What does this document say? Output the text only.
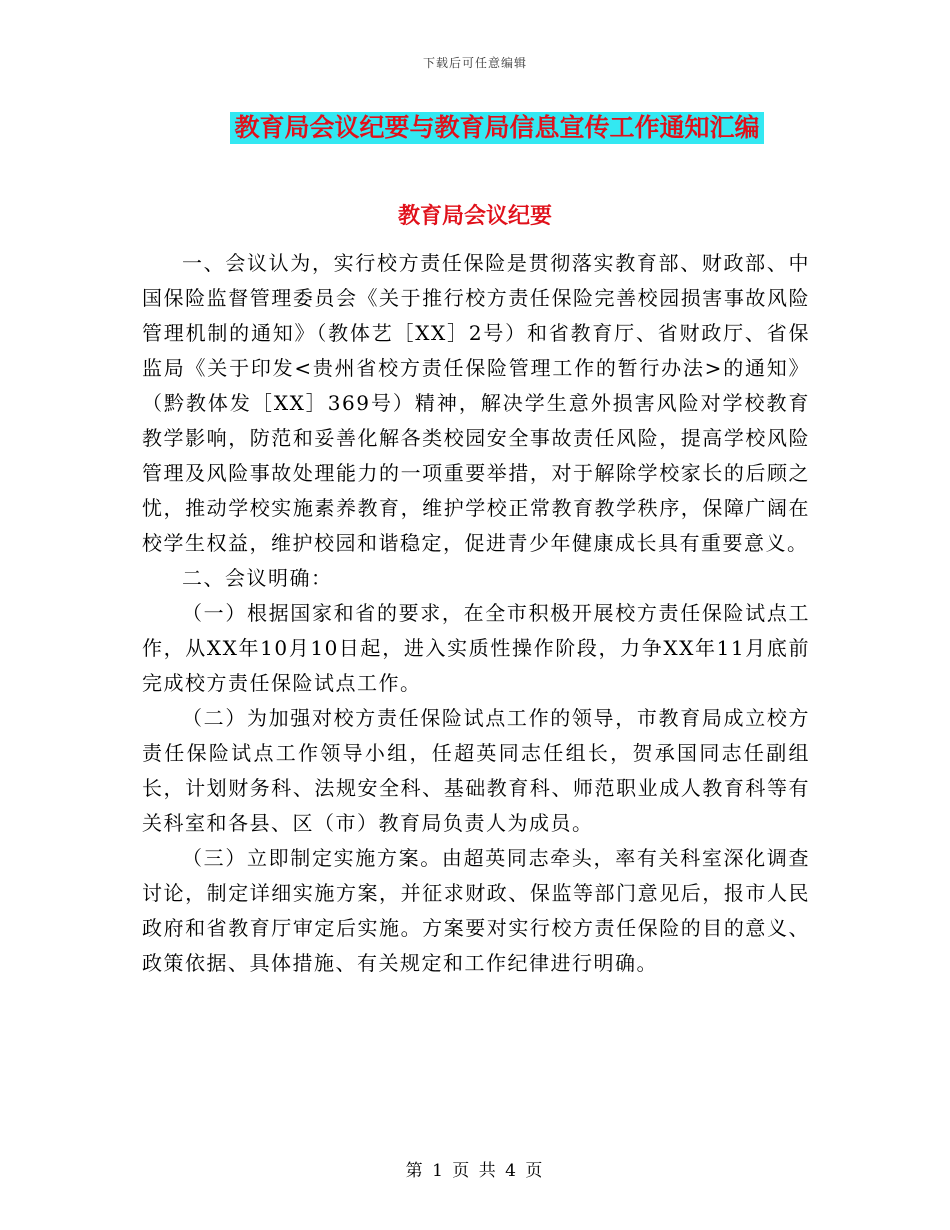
下载后可任意编辑
教育局会议纪要与教育局信息宣传工作通知汇编
教育局会议纪要

一、会议认为，实行校方责任保险是贯彻落实教育部、财政部、中国保险监督管理委员会《关于推行校方责任保险完善校园损害事故风险管理机制的通知》（教体艺［XX］2号）和省教育厅、省财政厅、省保监局《关于印发<贵州省校方责任保险管理工作的暂行办法>的通知》（黔教体发［XX］369号）精神，解决学生意外损害风险对学校教育教学影响，防范和妥善化解各类校园安全事故责任风险，提高学校风险管理及风险事故处理能力的一项重要举措，对于解除学校家长的后顾之忧，推动学校实施素养教育，维护学校正常教育教学秩序，保障广阔在校学生权益，维护校园和谐稳定，促进青少年健康成长具有重要意义。

二、会议明确：

（一）根据国家和省的要求，在全市积极开展校方责任保险试点工作，从XX年10月10日起，进入实质性操作阶段，力争XX年11月底前完成校方责任保险试点工作。

（二）为加强对校方责任保险试点工作的领导，市教育局成立校方责任保险试点工作领导小组，任超英同志任组长，贺承国同志任副组长，计划财务科、法规安全科、基础教育科、师范职业成人教育科等有关科室和各县、区（市）教育局负责人为成员。

（三）立即制定实施方案。由超英同志牵头，率有关科室深化调查讨论，制定详细实施方案，并征求财政、保监等部门意见后，报市人民政府和省教育厅审定后实施。方案要对实行校方责任保险的目的意义、政策依据、具体措施、有关规定和工作纪律进行明确。

第 1 页 共 4 页
